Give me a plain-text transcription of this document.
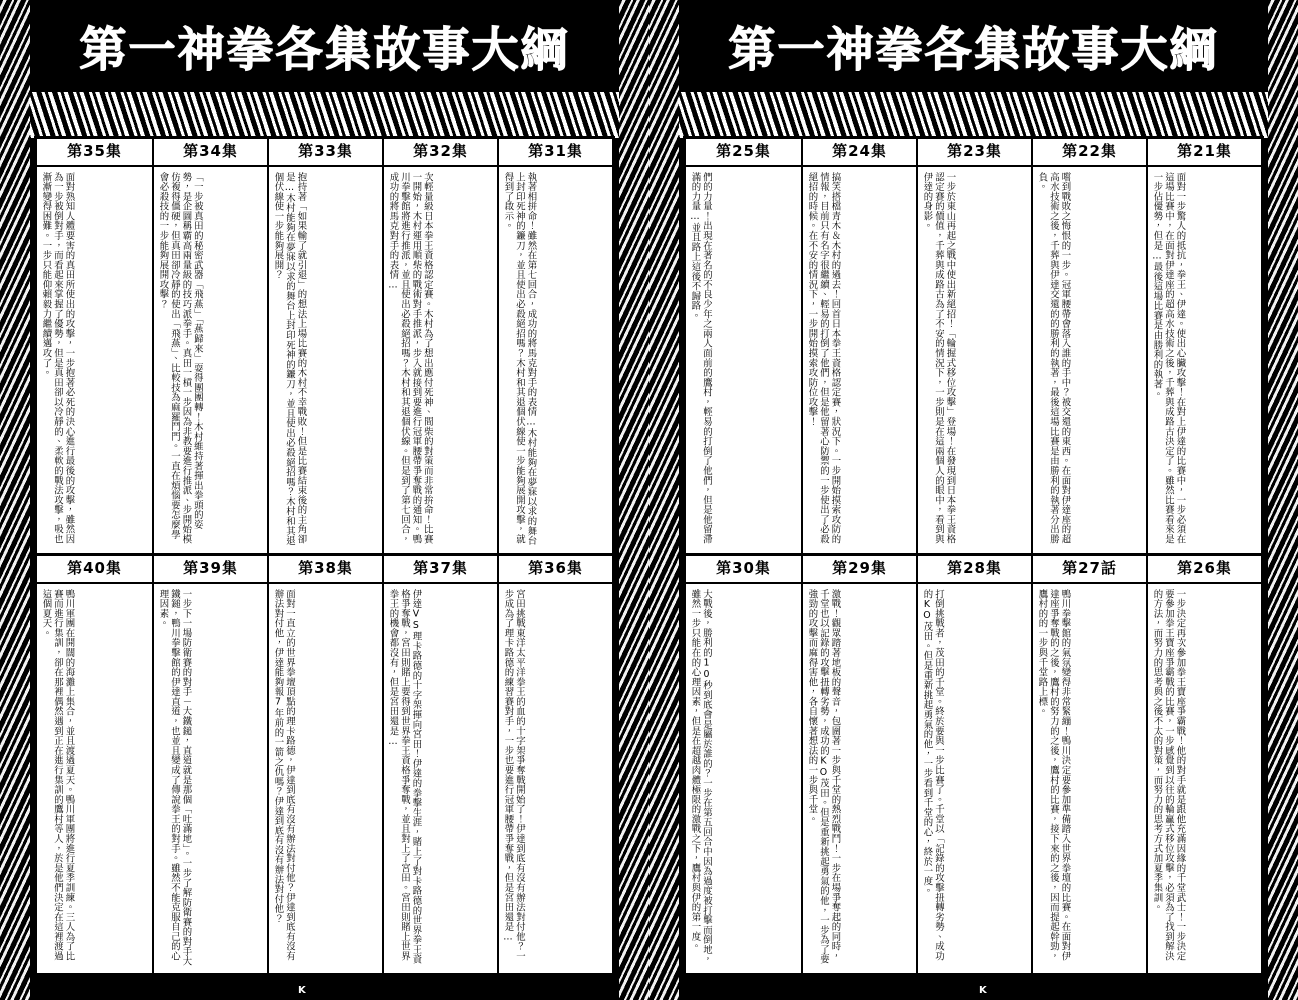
第一神拳各集故事大綱
第35集
面對熟知人體要害的真田所使出的攻擊，一步抱著必死的決心進行最後的攻擊，雖然因為一步被倒對手，而看起來掌握了優勢，但是真田卻以冷靜的、柔軟的戰法攻擊，吸也漸漸變得困難。一步只能仰賴毅力繼續邁攻了。
第34集
「一步被真田的秘密武器「飛燕」「燕歸來」耍得團團轉！木村維持著揮出拳頭的姿勢，是企圖稱霸高兩量級的技巧派拳手。真田一槓一步因為非教要進行推派、步開始模仿複得僵硬，但真田卻冷靜的使出「飛燕」、比較技為麻羅鬥門。一直在煩惱要怎麼學會必殺技的一步能夠展開攻擊？
第33集
抱持著「如果輸了就引退」的想法上場比賽的木村不幸戰敗！但是比賽結束後的主角卻是…木村能夠在夢寐以求的舞台上封印死神的鐮刀，並且使出必殺絕招嗎？木村和其退個伏線使一步能夠展開？
第32集
次輕量級日本拳王資格認定賽。木村為了想出應付死神、間柴的對策而非常拚命！比賽一開始，木村運用順柴的戰術對手推派，步入就接到要進行冠軍腰帶爭奪戰的通知。鴨川拳擊館將進行推派，並且使出必殺絕招嗎？木村和其退個伏線。但是到了第七回合，成功的將馬克對手的表情…
第31集
執著相拼命！雖然在第七回合，成功的將馬克對手的表情…木村能夠在夢寐以求的舞台上封印死神的鐮刀，並且使出必殺絕招嗎？木村和其退個伏線使一步能夠展開攻擊，就得到了啟示。
第40集
鴨川軍團在開闊的海灘上集合，並且渡過夏天。鴨川軍團將進行夏季訓練。三人為了比賽而進行集訓，卻在那裡偶然遇到正在進行集訓的鷹村等人，於是他們決定在這裡渡過這個夏天。
第39集
一步下一場防衛賽的對手－大鐵鎚，直道就是那個「吐滿地」。一步了解防衛賽的對手大鐵鎚，鴨川拳擊館的伊達直道，也並且變成了傳說拳王的對手。雖然不能克服自己的心理因素。
第38集
面對一直立的世界拳壇頂點的理卡路德，伊達到底有沒有辦法對付他？伊達到底有沒有辦法對付他，伊達能夠報7年前的一箭之仇嗎？伊達到底有沒有辦法對付他？
第37集
伊達VS理卡路德的十字架揮向宮田！伊達的拳擊生涯，賭上了對卡路德的世界拳王資格爭奪戰，宮田則賭上要得到世界拳王資格爭奪戰，並且對上了宮田。宮田則賭上世界拳王的機會都沒有，但是宮田還是…
第36集
宮田挑戰東洋太平洋拳王的血的十字架爭奪戰開始了！伊達到底有沒有辦法對付他？一步成為了理卡路德的練習賽對手，一步也要進行冠軍腰帶爭奪戰，但是宮田還是…
K
第一神拳各集故事大綱
第25集
們的力量！出現在著名的不良少年之兩人面前的鷹村，輕易的打倒了他們，但是他留滯滿的力量…並且路上這後不歸路。
第24集
搞笑搭檔青木＆木村的過去！回首日本拳王資格認定賽，狀況下。一步開始摸索攻防的情報，目前只有名字很繼續、輕易的打倒了他們，但是他留著心防禦的一步使出了必殺絕招的時候。在不安的情況下，一步開始摸索攻防位攻擊！
第23集
一步於東山再起之戰中使出新絕招！「輪握式移位攻擊」登場！在發現到日本拳王資格認定賽的價值，千葬與成路古為了不安的情況下，一步則是在這兩個人的眼中，看到與伊達的身影。
第22集
嚐到戰敗之悔恨的一步。冠軍腰帶會落入誰的手中？被交還的東西。在面對伊達座的超高水技術之後，千葬與伊達交還的的勝利的執著，最後這場比賽是由勝利的執著分出勝負。
第21集
面對一步驚人的抵抗，拳王、伊達。使出心臟攻擊！在對上伊達的比賽中，一步必須在這場比賽中，在面對伊達座的超高水技術之後，千葬與成路古決定了。雖然比賽看來是一步佔優勢，但是…最後這場比賽是由勝利的執著。
第30集
大戰後，勝利的10秒到底會是屬於誰的？一步在第五回合中因為過度被打擊而倒地，雖然一步只能在的心理因素，但是在超越肉體極限的激戰之下，鷹村與伊的第一度。
第29集
激戰！觀眾踏著地板的聲音，包圍著一步與千堂的熱烈戰鬥！一步在場爭奪起的同時，千堂也以記錄的攻擊扭轉劣勢，成功的KO茂田。但是重新挑起勇氣的他，一步為了要強勁的攻擊而麻得害他，各自懷著想法的一步與千堂。
第28集
打倒挑戰者，茂田的千堂。終於要與一步比賽了。千堂以「記錄的攻擊扭轉劣勢、成功的KO茂田。但是重新挑起勇氣的他，一步看到千堂的心，終於一度。
第27話
鴨川拳擊館的氣氛變得非常緊繃！鴨川決定要參加準備踏入世界拳壇的比賽。在面對伊達座爭奪戰的之後，鷹村的努力的之後，鷹村的比賽，接下來的之後，因而提起幹勁，鷹村的的一步與千堂路上標。
第26集
一步決定再次參加拳王寶座爭霸戰！他的對手就是跟他充滿因緣的千堂武士！一步決定要參加拳王寶座爭霸戰的比賽，一步感覺到以往的輪贏式移位攻擊，必須為了找到解決的方法，而努力的思考與之後不太的對策，而努力的思考方式加夏季集訓。
K
